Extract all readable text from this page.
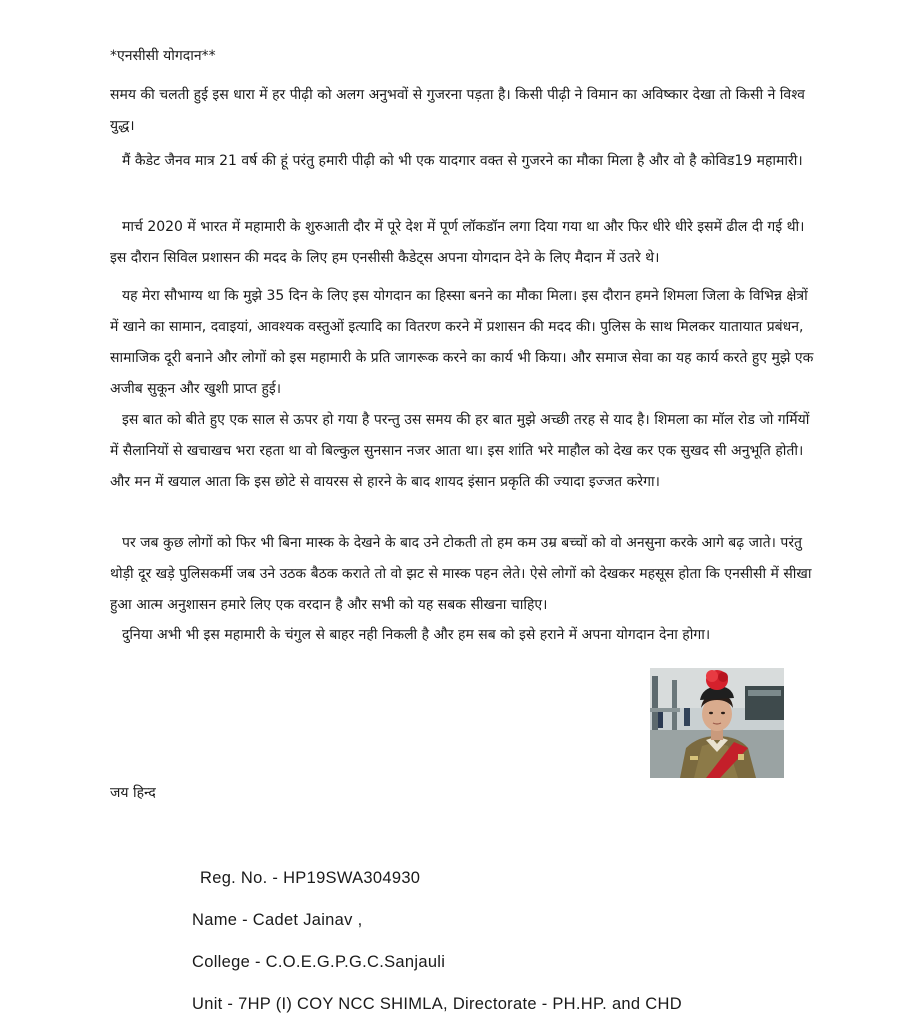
*एनसीसी योगदान**

समय की चलती हुई इस धारा में हर पीढ़ी को अलग अनुभवों से गुजरना पड़ता है। किसी पीढ़ी ने विमान का अविष्कार देखा तो किसी ने विश्व युद्ध।

मैं कैडेट जैनव मात्र 21 वर्ष की हूं परंतु हमारी पीढ़ी को भी एक यादगार वक्त से गुजरने का मौका मिला है और वो है कोविड19 महामारी।

मार्च 2020 में भारत में महामारी के शुरुआती दौर में पूरे देश में पूर्ण लॉकडॉन लगा दिया गया था और फिर धीरे धीरे इसमें ढील दी गई थी। इस दौरान सिविल प्रशासन की मदद के लिए हम एनसीसी कैडेट्स अपना योगदान देने के लिए मैदान में उतरे थे।

यह मेरा सौभाग्य था कि मुझे 35 दिन के लिए इस योगदान का हिस्सा बनने का मौका मिला। इस दौरान हमने शिमला जिला के विभिन्न क्षेत्रों में खाने का सामान, दवाइयां, आवश्यक वस्तुओं इत्यादि का वितरण करने में प्रशासन की मदद की। पुलिस के साथ मिलकर यातायात प्रबंधन, सामाजिक दूरी बनाने और लोगों को इस महामारी के प्रति जागरूक करने का कार्य भी किया। और समाज सेवा का यह कार्य करते हुए मुझे एक अजीब सुकून और खुशी प्राप्त हुई।

इस बात को बीते हुए एक साल से ऊपर हो गया है परन्तु उस समय की हर बात मुझे अच्छी तरह से याद है। शिमला का मॉल रोड जो गर्मियों में सैलानियों से खचाखच भरा रहता था वो बिल्कुल सुनसान नजर आता था। इस शांति भरे माहौल को देख कर एक सुखद सी अनुभूति होती।और मन में खयाल आता कि इस छोटे से वायरस से हारने के बाद शायद इंसान प्रकृति की ज्यादा इज्जत करेगा।

पर जब कुछ लोगों को फिर भी बिना मास्क के देखने के बाद उने टोकती तो हम कम उम्र बच्चों को वो अनसुना करके आगे बढ़ जाते। परंतु थोड़ी दूर खड़े पुलिसकर्मी जब उने उठक बैठक कराते तो वो झट से मास्क पहन लेते। ऐसे लोगों को देखकर महसूस होता कि एनसीसी में सीखा हुआ आत्म अनुशासन हमारे लिए एक वरदान है और सभी को यह सबक सीखना चाहिए।

दुनिया अभी भी इस महामारी के चंगुल से बाहर नही निकली है और हम सब को इसे हराने में अपना योगदान देना होगा।

जय हिन्द
Reg. No. - HP19SWA304930
Name - Cadet Jainav ,
College - C.O.E.G.P.G.C.Sanjauli
Unit - 7HP (I) COY NCC SHIMLA, Directorate - PH.HP. and CHD
